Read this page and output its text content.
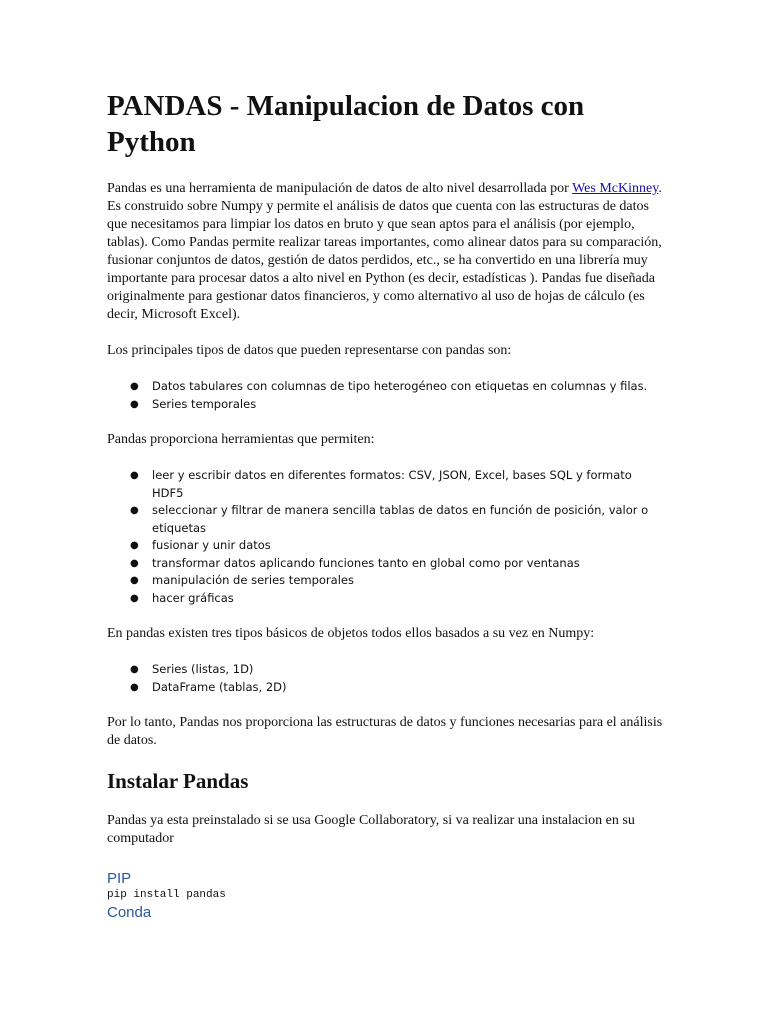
PANDAS - Manipulacion de Datos con Python

Pandas es una herramienta de manipulación de datos de alto nivel desarrollada por Wes McKinney. Es construido sobre Numpy y permite el análisis de datos que cuenta con las estructuras de datos que necesitamos para limpiar los datos en bruto y que sean aptos para el análisis (por ejemplo, tablas). Como Pandas permite realizar tareas importantes, como alinear datos para su comparación, fusionar conjuntos de datos, gestión de datos perdidos, etc., se ha convertido en una librería muy importante para procesar datos a alto nivel en Python (es decir, estadísticas ). Pandas fue diseñada originalmente para gestionar datos financieros, y como alternativo al uso de hojas de cálculo (es decir, Microsoft Excel).

Los principales tipos de datos que pueden representarse con pandas son:

● Datos tabulares con columnas de tipo heterogéneo con etiquetas en columnas y filas.
● Series temporales

Pandas proporciona herramientas que permiten:

● leer y escribir datos en diferentes formatos: CSV, JSON, Excel, bases SQL y formato HDF5
● seleccionar y filtrar de manera sencilla tablas de datos en función de posición, valor o etiquetas
● fusionar y unir datos
● transformar datos aplicando funciones tanto en global como por ventanas
● manipulación de series temporales
● hacer gráficas

En pandas existen tres tipos básicos de objetos todos ellos basados a su vez en Numpy:

● Series (listas, 1D)
● DataFrame (tablas, 2D)

Por lo tanto, Pandas nos proporciona las estructuras de datos y funciones necesarias para el análisis de datos.

Instalar Pandas

Pandas ya esta preinstalado si se usa Google Collaboratory, si va realizar una instalacion en su computador

PIP
pip install pandas
Conda
